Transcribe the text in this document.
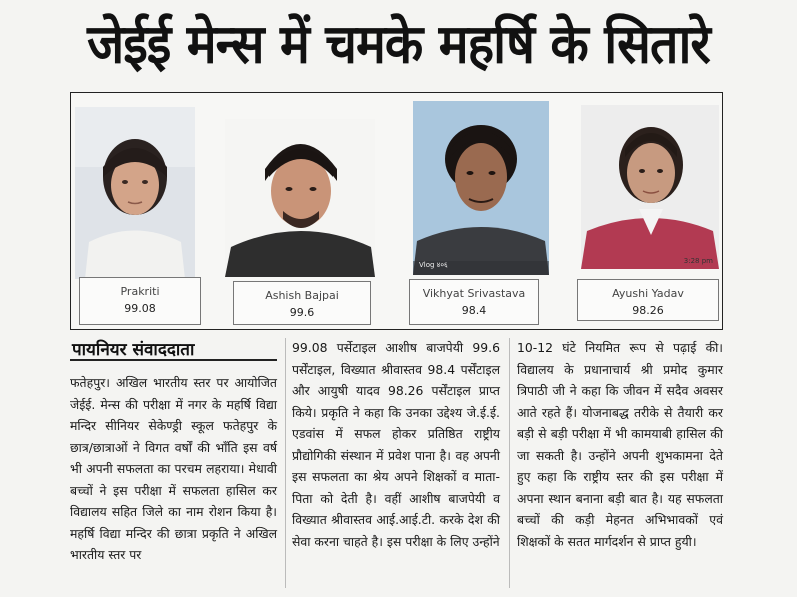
जेईई मेन्स में चमके महर्षि के सितारे
Prakriti
99.08
Ashish Bajpai
99.6
Vlog ४०६
Vikhyat Srivastava
98.4
3:28 pm
Ayushi Yadav
98.26
पायनियर संवाददाता
फतेहपुर। अखिल भारतीय स्तर पर आयोजित जेईई. मेन्स की परीक्षा में नगर के महर्षि विद्या मन्दिर सीनियर सेकेण्ड्री स्कूल फतेहपुर के छात्र/छात्राओं ने विगत वर्षों की भाँति इस वर्ष भी अपनी सफलता का परचम लहराया। मेधावी बच्चों ने इस परीक्षा में सफलता हासिल कर विद्यालय सहित जिले का नाम रोशन किया है। महर्षि विद्या मन्दिर की छात्रा प्रकृति ने अखिल भारतीय स्तर पर
99.08 पर्सेटाइल आशीष बाजपेयी 99.6 पर्सेंटाइल, विख्यात श्रीवास्तव 98.4 पर्सेंटाइल और आयुषी यादव 98.26 पर्सेंटाइल प्राप्त किये। प्रकृति ने कहा कि उनका उद्देश्य जे.ई.ई. एडवांस में सफल होकर प्रतिष्ठित राष्ट्रीय प्रौद्योगिकी संस्थान में प्रवेश पाना है। वह अपनी इस सफलता का श्रेय अपने शिक्षकों व माता-पिता को देती है। वहीं आशीष बाजपेयी व विख्यात श्रीवास्तव आई.आई.टी. करके देश की सेवा करना चाहते है। इस परीक्षा के लिए उन्होंने
10-12 घंटे नियमित रूप से पढ़ाई की। विद्यालय के प्रधानाचार्य श्री प्रमोद कुमार त्रिपाठी जी ने कहा कि जीवन में सदैव अवसर आते रहते हैं। योजनाबद्ध तरीके से तैयारी कर बड़ी से बड़ी परीक्षा में भी कामयाबी हासिल की जा सकती है। उन्होंने अपनी शुभकामना देते हुए कहा कि राष्ट्रीय स्तर की इस परीक्षा में अपना स्थान बनाना बड़ी बात है। यह सफलता बच्चों की कड़ी मेहनत अभिभावकों एवं शिक्षकों के सतत मार्गदर्शन से प्राप्त हुयी।
